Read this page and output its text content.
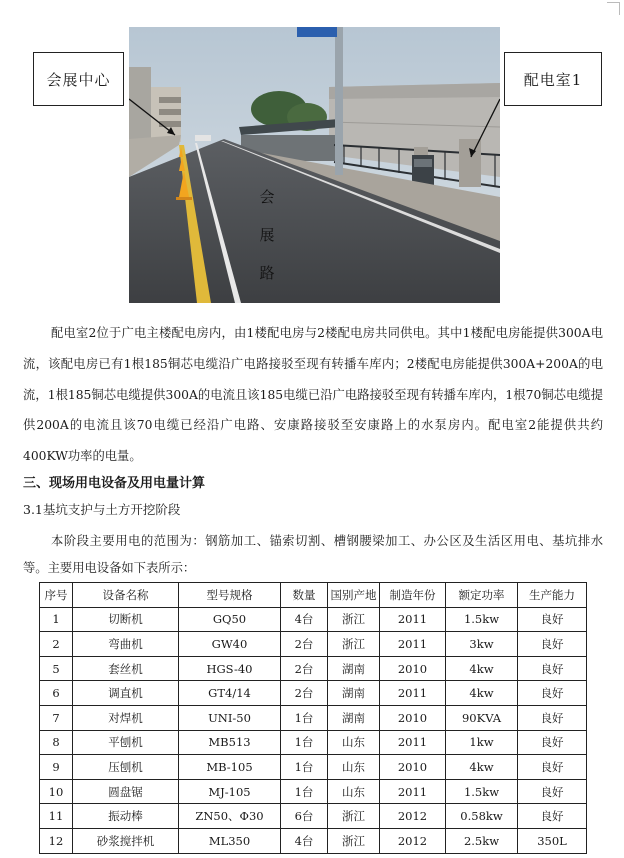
会展中心	配电室1
会
展
路
配电室2位于广电主楼配电房内，由1楼配电房与2楼配电房共同供电。其中1楼配电房能提供300A电流，该配电房已有1根185铜芯电缆沿广电路接驳至现有转播车库内；2楼配电房能提供300A+200A的电流，1根185铜芯电缆提供300A的电流且该185电缆已沿广电路接驳至现有转播车库内，1根70铜芯电缆提供200A的电流且该70电缆已经沿广电路、安康路接驳至安康路上的水泵房内。配电室2能提供共约400KW功率的电量。
三、现场用电设备及用电量计算
3.1基坑支护与土方开挖阶段
本阶段主要用电的范围为：钢筋加工、锚索切割、槽钢腰梁加工、办公区及生活区用电、基坑排水等。主要用电设备如下表所示：
序号	设备名称	型号规格	数量	国别产地	制造年份	额定功率	生产能力
1	切断机	GQ50	4台	浙江	2011	1.5kw	良好
2	弯曲机	GW40	2台	浙江	2011	3kw	良好
5	套丝机	HGS-40	2台	湖南	2010	4kw	良好
6	调直机	GT4/14	2台	湖南	2011	4kw	良好
7	对焊机	UNI-50	1台	湖南	2010	90KVA	良好
8	平刨机	MB513	1台	山东	2011	1kw	良好
9	压刨机	MB-105	1台	山东	2010	4kw	良好
10	圆盘锯	MJ-105	1台	山东	2011	1.5kw	良好
11	振动棒	ZN50、Φ30	6台	浙江	2012	0.58kw	良好
12	砂浆搅拌机	ML350	4台	浙江	2012	2.5kw	350L
